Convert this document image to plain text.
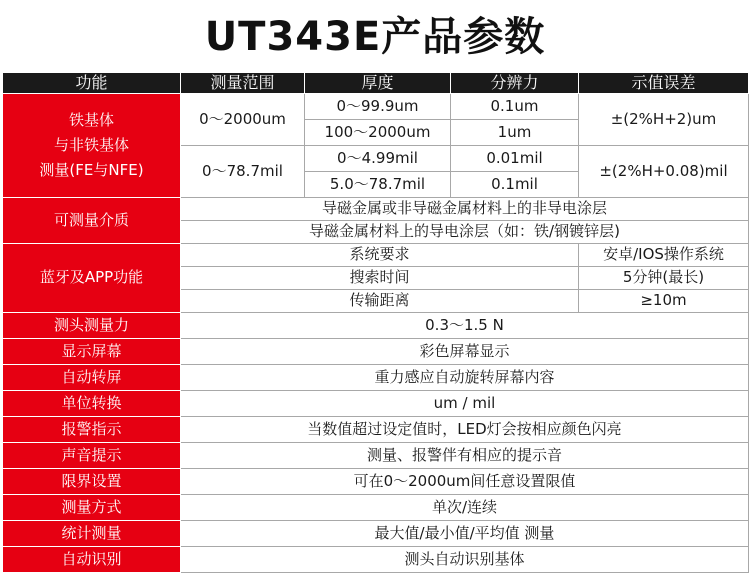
UT343E产品参数
功能	测量范围	厚度	分辨力	示值误差

铁基体
与非铁基体
测量(FE与NFE)	0～2000um	0～99.9um	0.1um	±(2%H+2)um
		100～2000um	1um	
	0～78.7mil	0～4.99mil	0.01mil	±(2%H+0.08)mil
		5.0～78.7mil	0.1mil	
可测量介质	导磁金属或非导磁金属材料上的非导电涂层			
	导磁金属材料上的导电涂层（如：铁/钢镀锌层)			
蓝牙及APP功能	系统要求			安卓/IOS操作系统
	搜索时间			5分钟(最长)
	传输距离			≥10m
测头测量力	0.3～1.5 N			
显示屏幕	彩色屏幕显示			
自动转屏	重力感应自动旋转屏幕内容			
单位转换	um / mil			
报警指示	当数值超过设定值时，LED灯会按相应颜色闪亮			
声音提示	测量、报警伴有相应的提示音			
限界设置	可在0～2000um间任意设置限值			
测量方式	单次/连续			
统计测量	最大值/最小值/平均值 测量			
自动识别	测头自动识别基体			
